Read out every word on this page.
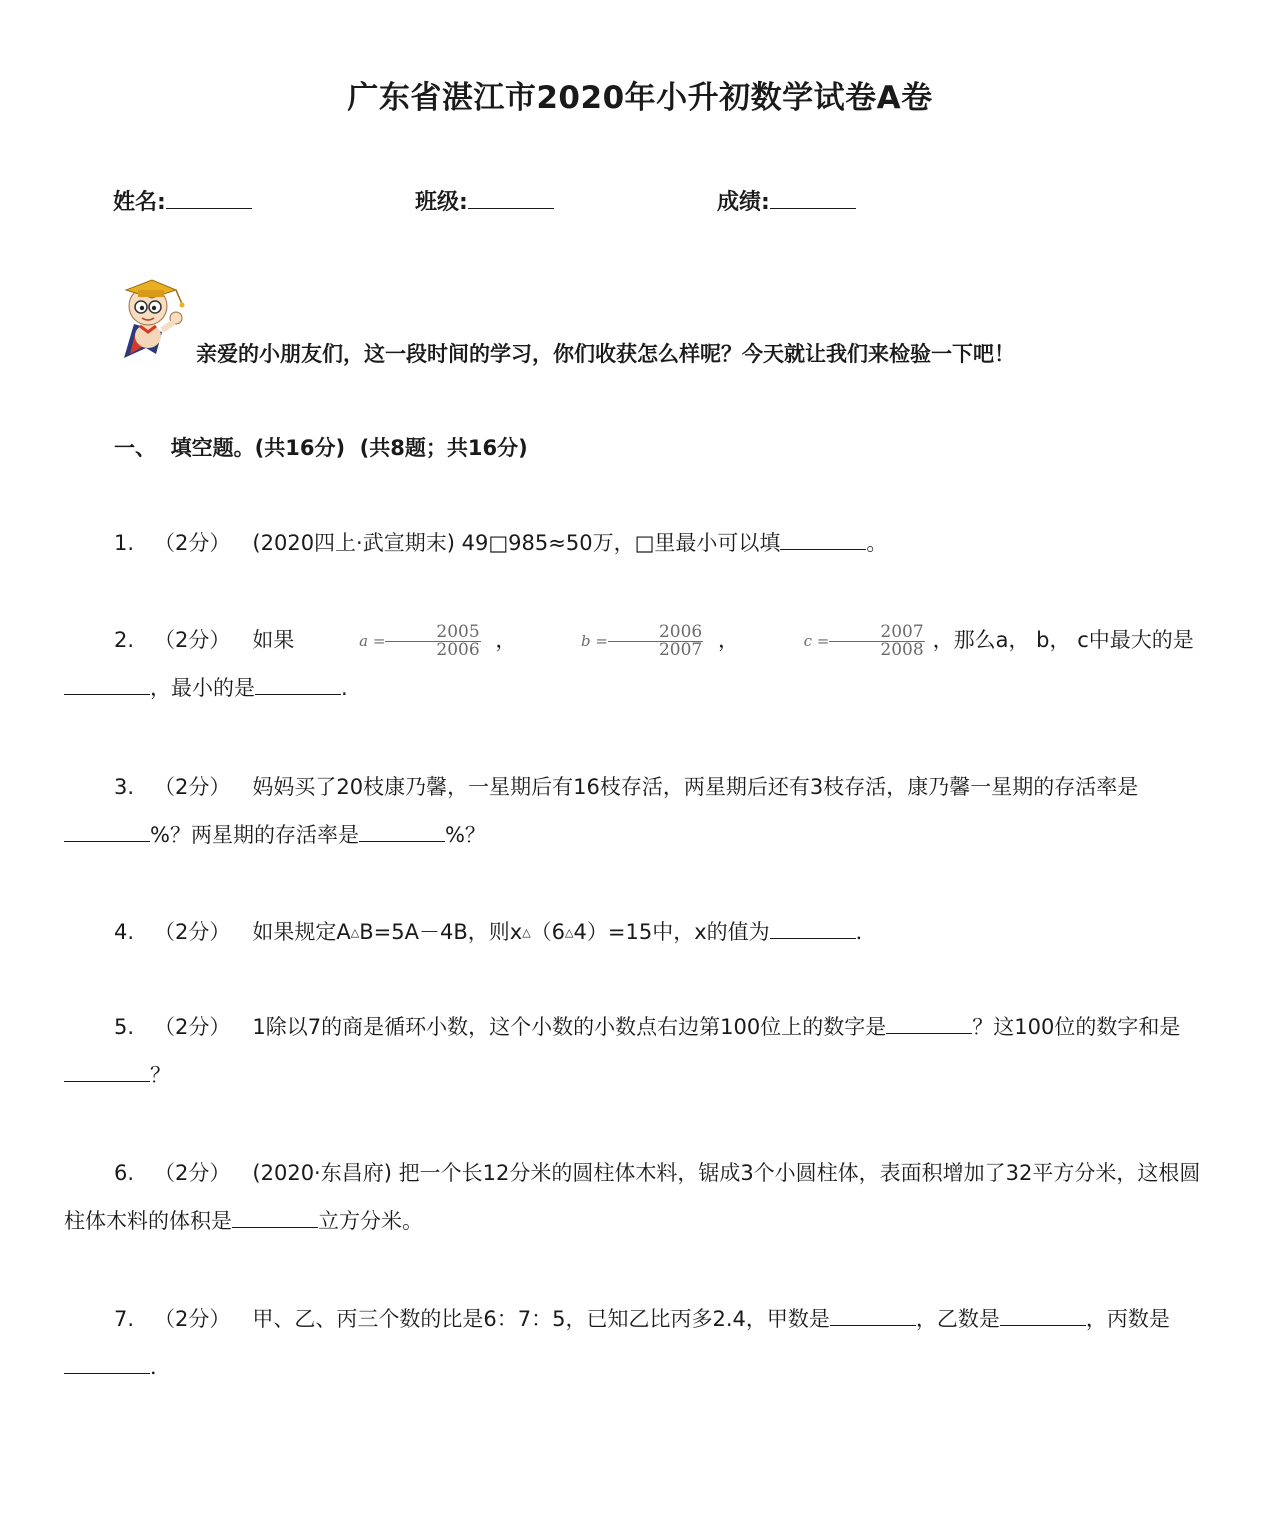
广东省湛江市2020年小升初数学试卷A卷
姓名:	班级:	成绩:
亲爱的小朋友们，这一段时间的学习，你们收获怎么样呢？今天就让我们来检验一下吧！
一、  填空题。(共16分)  (共8题；共16分)
1. （2分） (2020四上·武宣期末) 49□985≈50万，□里最小可以填	。
2. （2分） 如果	$a = \frac{2005}{2006}$ ，	$b = \frac{2006}{2007}$ ，	$c = \frac{2007}{2008}$ ，那么a， b， c中最大的是，最小的是	.
3. （2分） 妈妈买了20枝康乃馨，一星期后有16枝存活，两星期后还有3枝存活，康乃馨一星期的存活率是%？两星期的存活率是	%？
4. （2分） 如果规定A△B=5A－4B，则x△（6△4）=15中，x的值为	．
5. （2分） 1除以7的商是循环小数，这个小数的小数点右边第100位上的数字是	？这100位的数字和是？
6. （2分） (2020·东昌府) 把一个长12分米的圆柱体木料，锯成3个小圆柱体，表面积增加了32平方分米，这根圆柱体木料的体积是	立方分米。
7. （2分） 甲、乙、丙三个数的比是6：7：5，已知乙比丙多2.4，甲数是	，乙数是	，丙数是．
